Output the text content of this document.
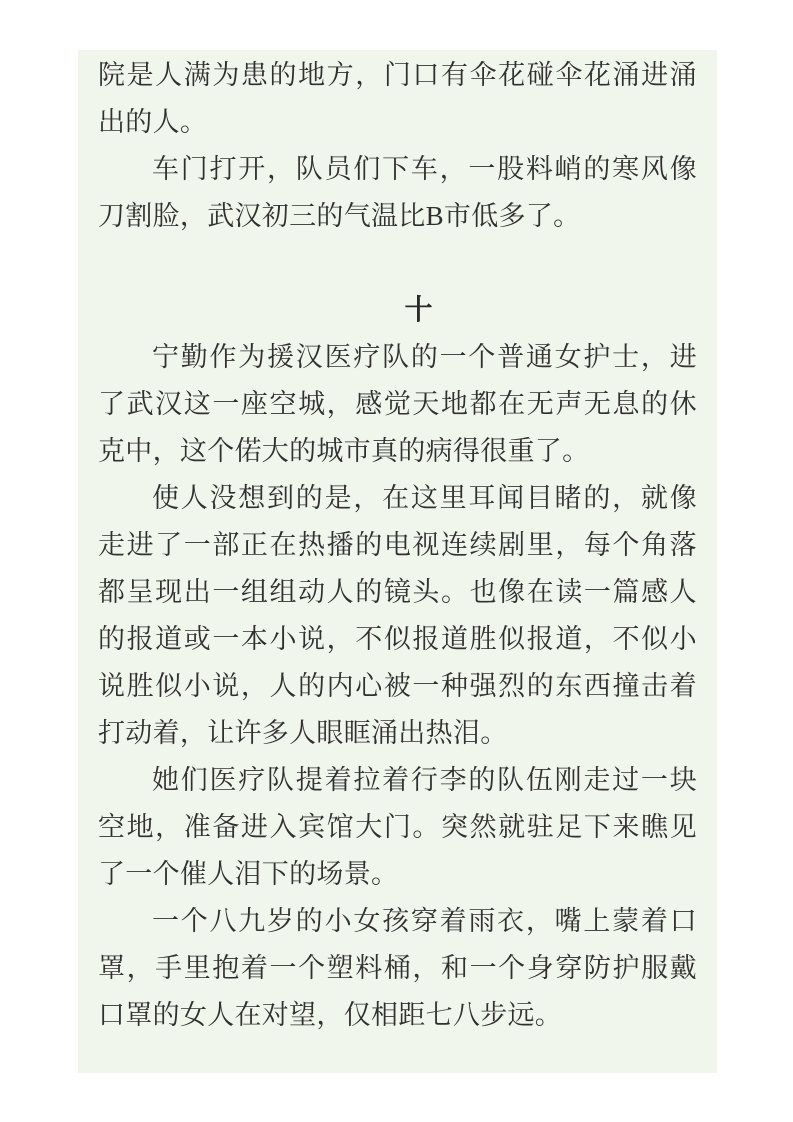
院是人满为患的地方，门口有伞花碰伞花涌进涌出的人。

车门打开，队员们下车，一股料峭的寒风像刀割脸，武汉初三的气温比B市低多了。

十

宁勤作为援汉医疗队的一个普通女护士，进了武汉这一座空城，感觉天地都在无声无息的休克中，这个偌大的城市真的病得很重了。

使人没想到的是，在这里耳闻目睹的，就像走进了一部正在热播的电视连续剧里，每个角落都呈现出一组组动人的镜头。也像在读一篇感人的报道或一本小说，不似报道胜似报道，不似小说胜似小说，人的内心被一种强烈的东西撞击着打动着，让许多人眼眶涌出热泪。

她们医疗队提着拉着行李的队伍刚走过一块空地，准备进入宾馆大门。突然就驻足下来瞧见了一个催人泪下的场景。

一个八九岁的小女孩穿着雨衣，嘴上蒙着口罩，手里抱着一个塑料桶，和一个身穿防护服戴口罩的女人在对望，仅相距七八步远。
